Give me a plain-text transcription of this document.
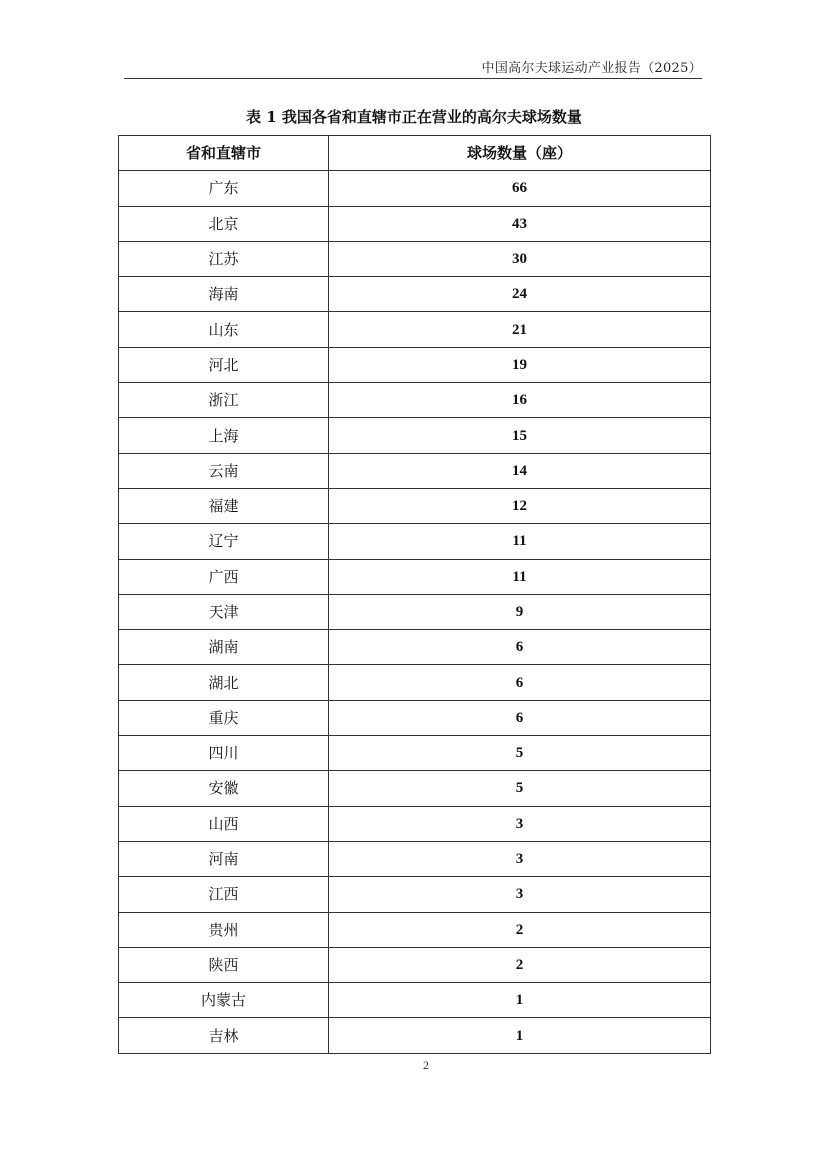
中国高尔夫球运动产业报告（2025）
表 1 我国各省和直辖市正在营业的高尔夫球场数量
省和直辖市	球场数量（座）
广东	66
北京	43
江苏	30
海南	24
山东	21
河北	19
浙江	16
上海	15
云南	14
福建	12
辽宁	11
广西	11
天津	9
湖南	6
湖北	6
重庆	6
四川	5
安徽	5
山西	3
河南	3
江西	3
贵州	2
陕西	2
内蒙古	1
吉林	1
2
